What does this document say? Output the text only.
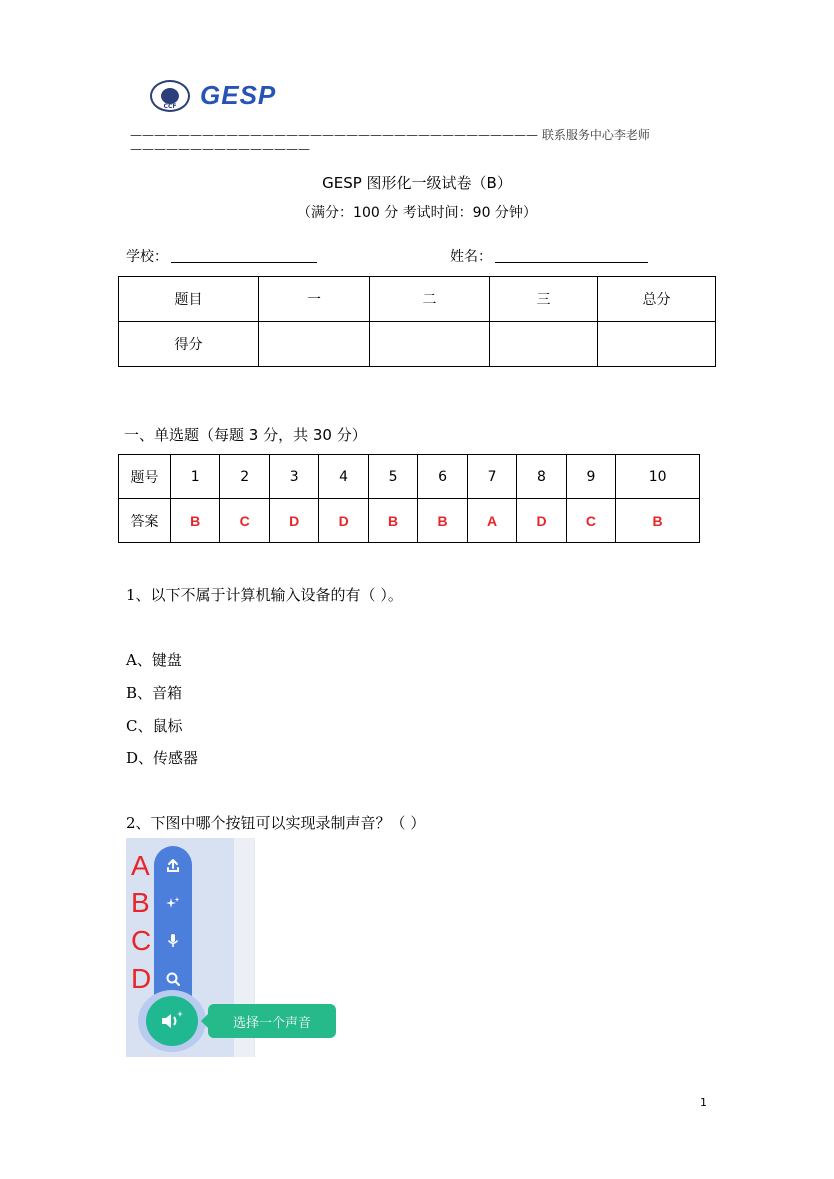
CCF GESP
—————————————————————————————————— 联系服务中心李老师———————————————
GESP 图形化一级试卷（B）
（满分：100 分 考试时间：90 分钟）
学校：	姓名：
题目	一	二	三	总分
得分				
一、单选题（每题 3 分，共 30 分）
题号	1	2	3	4	5	6	7	8	9	10
答案	B	C	D	D	B	B	A	D	C	B
1、以下不属于计算机输入设备的有（ ）。
A、键盘
B、音箱
C、鼠标
D、传感器
2、下图中哪个按钮可以实现录制声音？（ ）
A
B
C
D
选择一个声音
1
